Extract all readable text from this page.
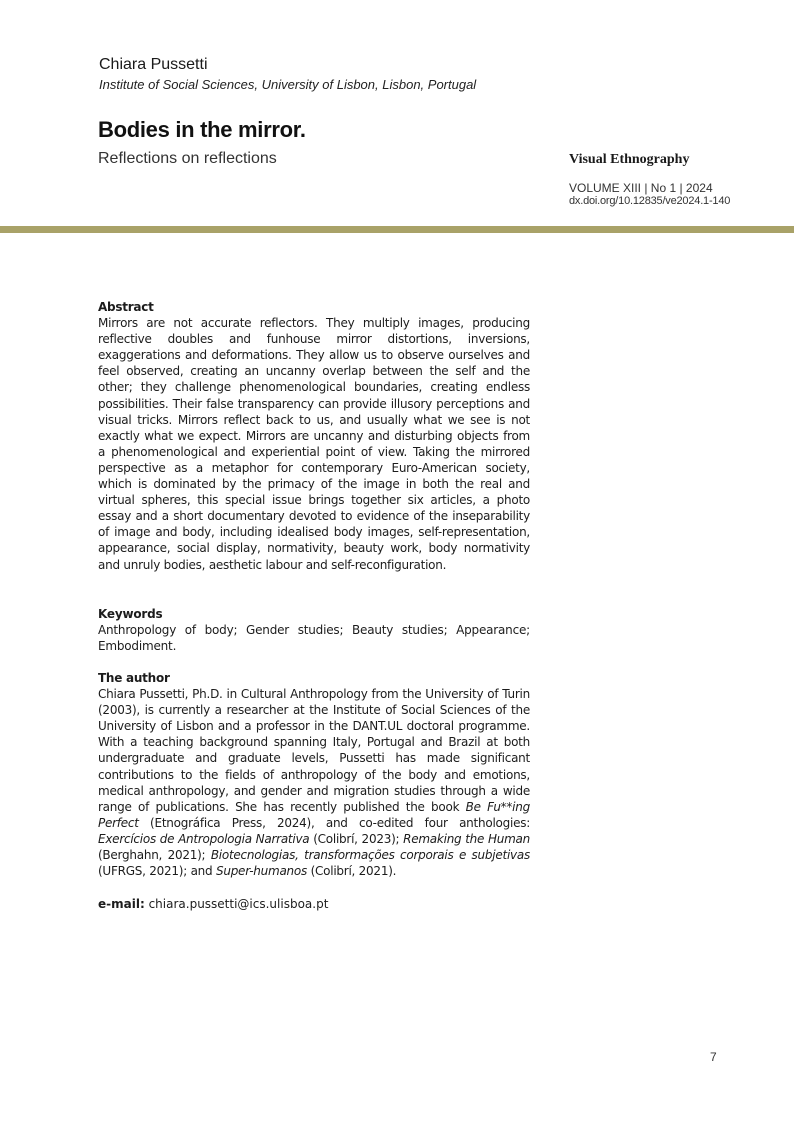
Chiara Pussetti
Institute of Social Sciences, University of Lisbon, Lisbon, Portugal
Bodies in the mirror.
Reflections on reflections	Visual Ethnography
VOLUME XIII | No 1 | 2024
dx.doi.org/10.12835/ve2024.1-140
Abstract
Mirrors are not accurate reflectors. They multiply images, producing reflective doubles and funhouse mirror distortions, inversions, exaggerations and deformations. They allow us to observe ourselves and feel observed, creating an uncanny overlap between the self and the other; they challenge phenomenological boundaries, creating endless possibilities. Their false transparency can provide illusory perceptions and visual tricks. Mirrors reflect back to us, and usually what we see is not exactly what we expect. Mirrors are uncanny and disturbing objects from a phenomenological and experiential point of view. Taking the mirrored perspective as a metaphor for contemporary Euro-American society, which is dominated by the primacy of the image in both the real and virtual spheres, this special issue brings together six articles, a photo essay and a short documentary devoted to evidence of the inseparability of image and body, including idealised body images, self-representation, appearance, social display, normativity, beauty work, body normativity and unruly bodies, aesthetic labour and self-reconfiguration.
Keywords
Anthropology of body; Gender studies; Beauty studies; Appearance; Embodiment.
The author
Chiara Pussetti, Ph.D. in Cultural Anthropology from the University of Turin (2003), is currently a researcher at the Institute of Social Sciences of the University of Lisbon and a professor in the DANT.UL doctoral programme. With a teaching background spanning Italy, Portugal and Brazil at both undergraduate and graduate levels, Pussetti has made significant contributions to the fields of anthropology of the body and emotions, medical anthropology, and gender and migration studies through a wide range of publications. She has recently published the book Be Fu**ing Perfect (Etnográfica Press, 2024), and co-edited four anthologies: Exercícios de Antropologia Narrativa (Colibrí, 2023); Remaking the Human (Berghahn, 2021); Biotecnologias, transformações corporais e subjetivas (UFRGS, 2021); and Super-humanos (Colibrí, 2021).
e-mail: chiara.pussetti@ics.ulisboa.pt
7
